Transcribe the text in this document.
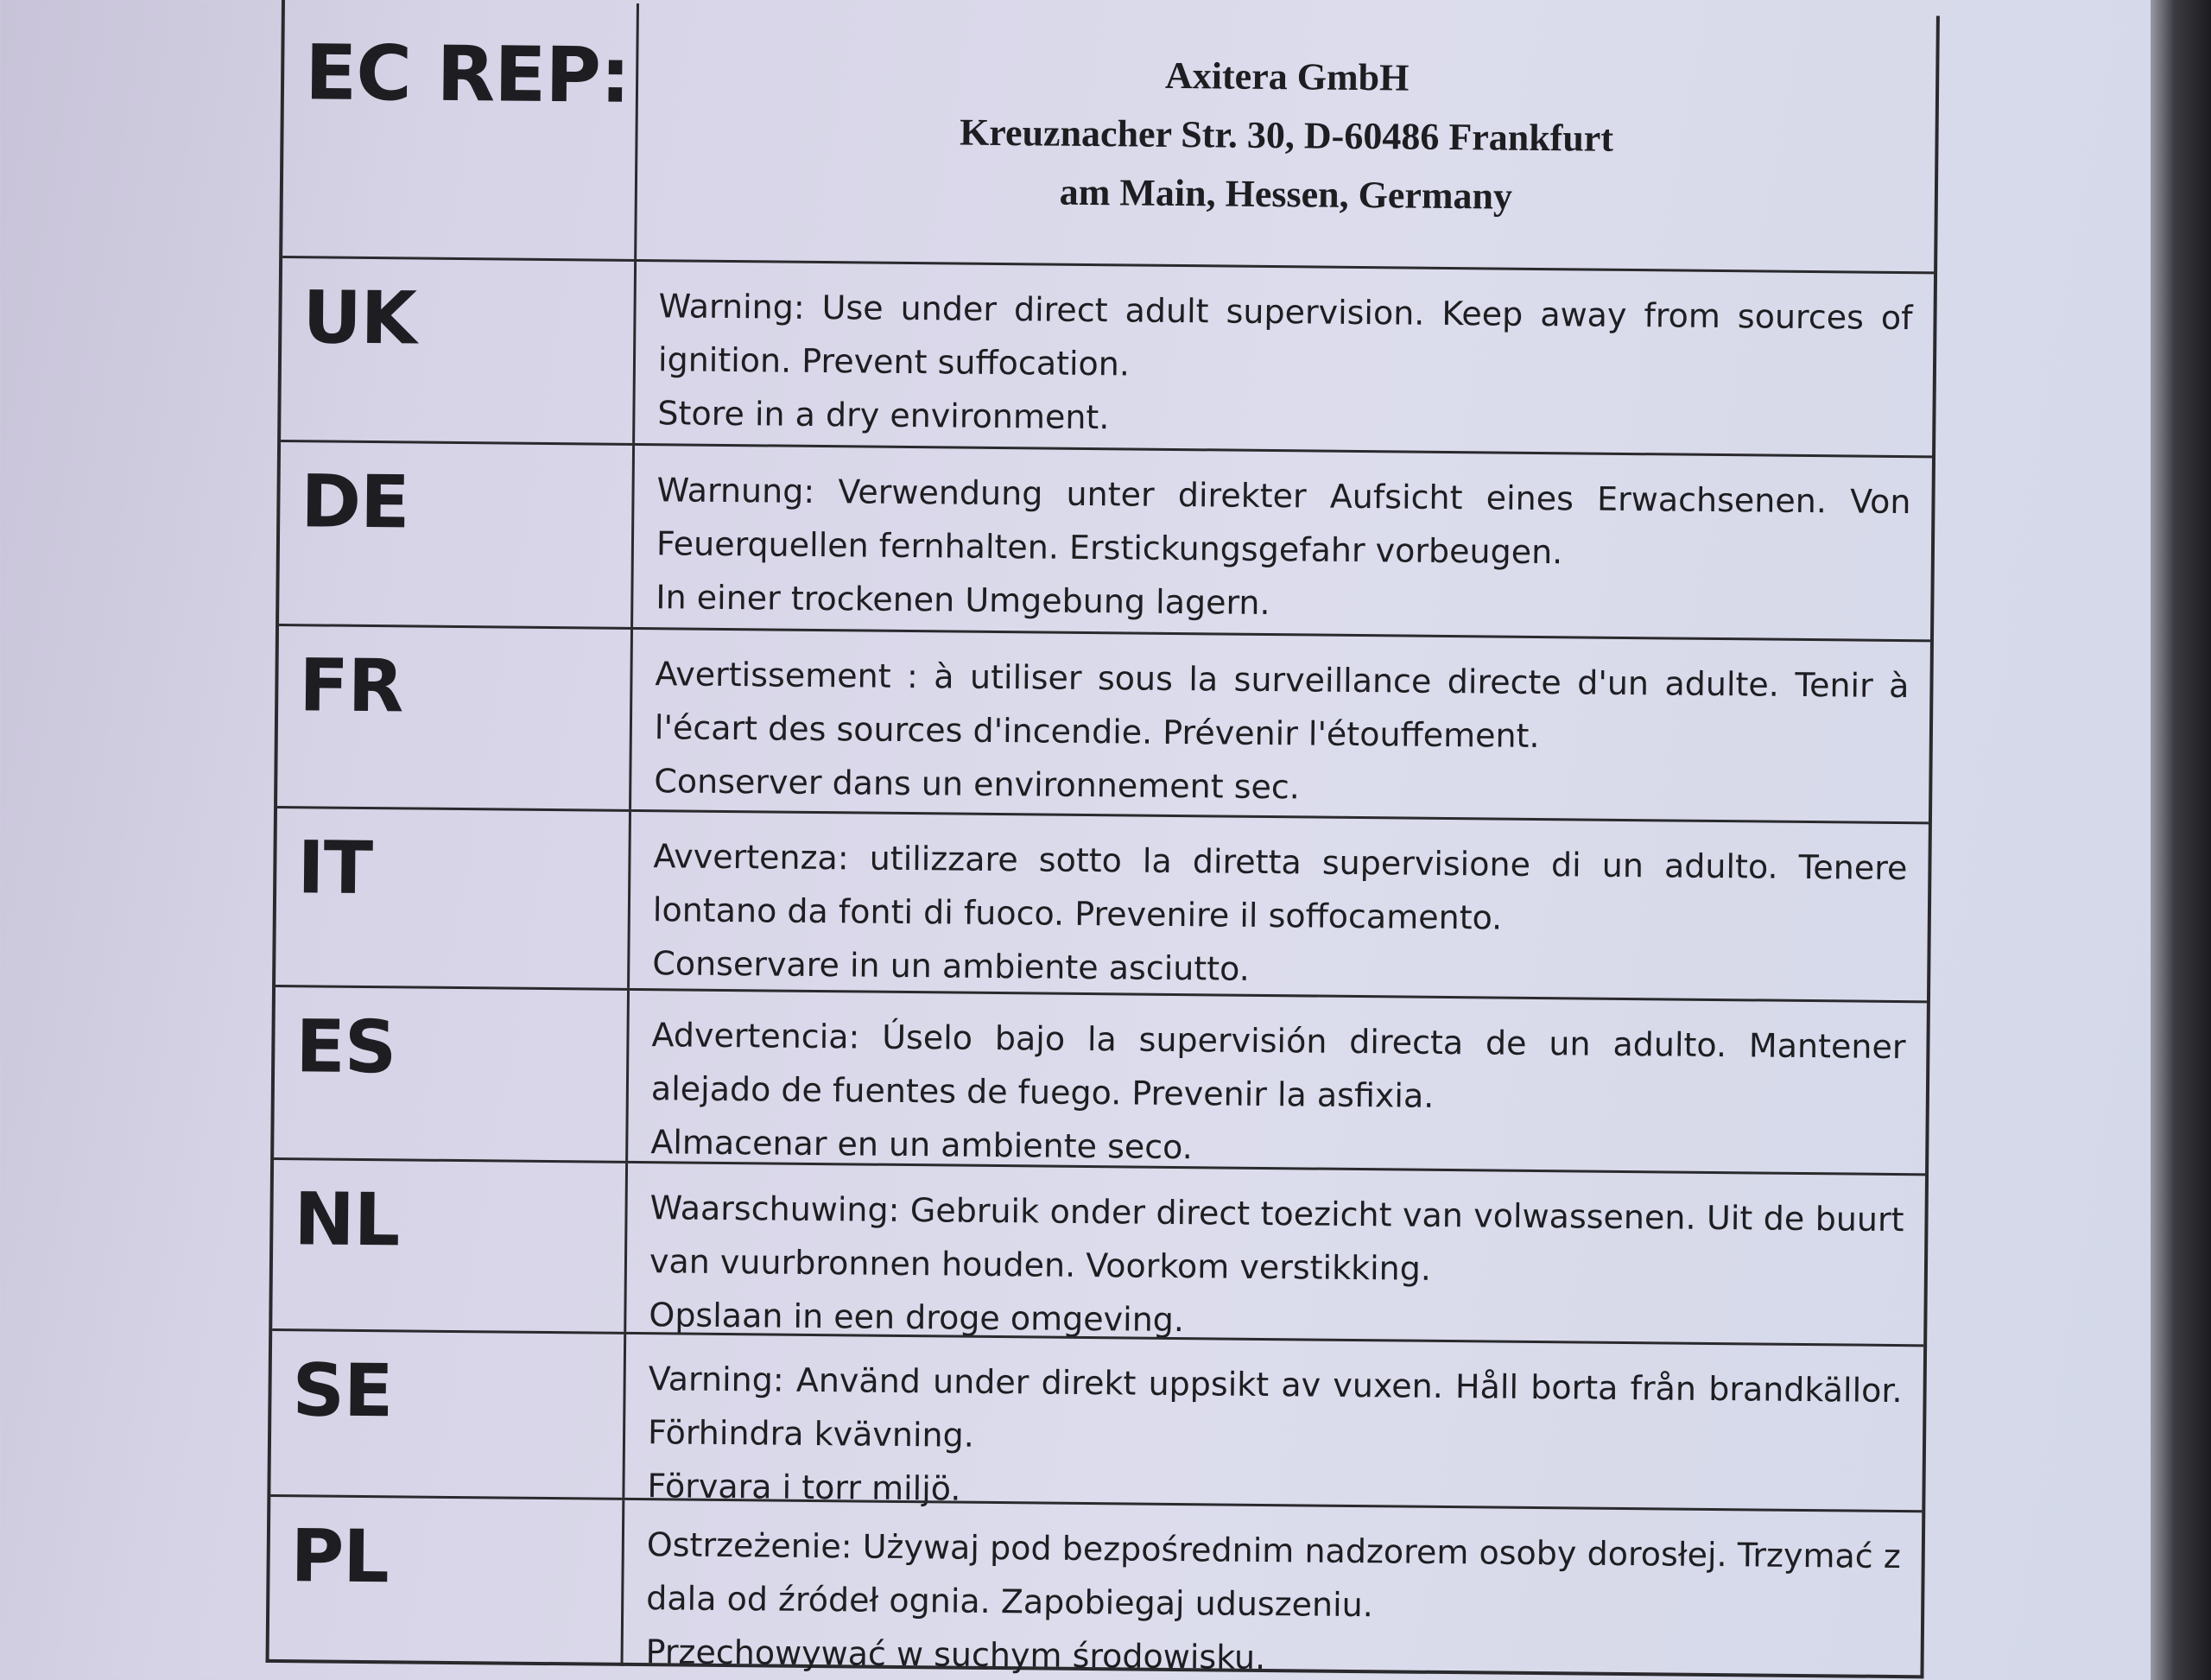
EC REP:	Axitera GmbH
Kreuznacher Str. 30, D-60486 Frankfurt
am Main, Hessen, Germany
UK	Warning: Use under direct adult supervision. Keep away from sources of ignition. Prevent suffocation.

Store in a dry environment.

DE	Warnung: Verwendung unter direkter Aufsicht eines Erwachsenen. Von Feuerquellen fernhalten. Erstickungsgefahr vorbeugen.

In einer trockenen Umgebung lagern.

FR	Avertissement : à utiliser sous la surveillance directe d'un adulte. Tenir à l'écart des sources d'incendie. Prévenir l'étouffement.

Conserver dans un environnement sec.

IT	Avvertenza: utilizzare sotto la diretta supervisione di un adulto. Tenere lontano da fonti di fuoco. Prevenire il soffocamento.

Conservare in un ambiente asciutto.

ES	Advertencia: Úselo bajo la supervisión directa de un adulto. Mantener alejado de fuentes de fuego. Prevenir la asfixia.

Almacenar en un ambiente seco.

NL	Waarschuwing: Gebruik onder direct toezicht van volwassenen. Uit de buurt van vuurbronnen houden. Voorkom verstikking.

Opslaan in een droge omgeving.

SE	Varning: Använd under direkt uppsikt av vuxen. Håll borta från brandkällor. Förhindra kvävning.

Förvara i torr miljö.

PL	Ostrzeżenie: Używaj pod bezpośrednim nadzorem osoby dorosłej. Trzymać z dala od źródeł ognia. Zapobiegaj uduszeniu.

Przechowywać w suchym środowisku.
